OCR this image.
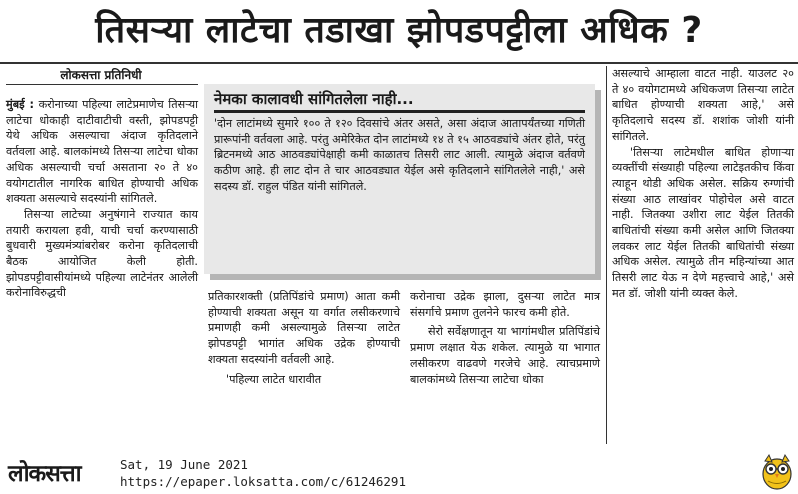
तिसऱ्या लाटेचा तडाखा झोपडपट्टीला अधिक ?
लोकसत्ता प्रतिनिधी

मुंबई : करोनाच्या पहिल्या लाटेप्रमाणेच तिसऱ्या लाटेचा धोकाही दाटीवाटीची वस्ती, झोपडपट्टी येथे अधिक असल्याचा अंदाज कृतिदलाने वर्तवला आहे. बालकांमध्ये तिसऱ्या लाटेचा धोका अधिक असल्याची चर्चा असताना २० ते ४० वयोगटातील नागरिक बाधित होण्याची अधिक शक्यता असल्याचे सदस्यांनी सांगितले.

तिसऱ्या लाटेच्या अनुषंगाने राज्यात काय तयारी करायला हवी, याची चर्चा करण्यासाठी बुधवारी मुख्यमंत्र्यांबरोबर करोना कृतिदलाची बैठक आयोजित केली होती. झोपडपट्टीवासीयांमध्ये पहिल्या लाटेनंतर आलेली करोनाविरुद्धची

नेमका कालावधी सांगितलेला नाही...
'दोन लाटांमध्ये सुमारे १०० ते १२० दिवसांचे अंतर असते, असा अंदाज आतापर्यंतच्या गणिती प्रारूपांनी वर्तवला आहे. परंतु अमेरिकेत दोन लाटांमध्ये १४ ते १५ आठवड्यांचे अंतर होते, परंतु ब्रिटनमध्ये आठ आठवड्यांपेक्षाही कमी काळातच तिसरी लाट आली. त्यामुळे अंदाज वर्तवणे कठीण आहे. ही लाट दोन ते चार आठवड्यात येईल असे कृतिदलाने सांगितलेले नाही,' असे सदस्य डॉ. राहुल पंडित यांनी सांगितले.

प्रतिकारशक्ती (प्रतिपिंडांचे प्रमाण) आता कमी होण्याची शक्यता असून या वर्गात लसीकरणाचे प्रमाणही कमी असल्यामुळे तिसऱ्या लाटेत झोपडपट्टी भागांत अधिक उद्रेक होण्याची शक्यता सदस्यांनी वर्तवली आहे.

'पहिल्या लाटेत धारावीत

करोनाचा उद्रेक झाला, दुसऱ्या लाटेत मात्र संसर्गाचे प्रमाण तुलनेने फारच कमी होते.

सेरो सर्वेक्षणातून या भागांमधील प्रतिपिंडांचे प्रमाण लक्षात येऊ शकेल. त्यामुळे या भागात लसीकरण वाढवणे गरजेचे आहे. त्याचप्रमाणे बालकांमध्ये तिसऱ्या लाटेचा धोका

असल्याचे आम्हाला वाटत नाही. याउलट २० ते ४० वयोगटामध्ये अधिकजण तिसऱ्या लाटेत बाधित होण्याची शक्यता आहे,' असे कृतिदलाचे सदस्य डॉ. शशांक जोशी यांनी सांगितले.

'तिसऱ्या लाटेमधील बाधित होणाऱ्या व्यक्तींची संख्याही पहिल्या लाटेइतकीच किंवा त्याहून थोडी अधिक असेल. सक्रिय रुग्णांची संख्या आठ लाखांवर पोहोचेल असे वाटत नाही. जितक्या उशीरा लाट येईल तितकी बाधितांची संख्या कमी असेल आणि जितक्या लवकर लाट येईल तितकी बाधितांची संख्या अधिक असेल. त्यामुळे तीन महिन्यांच्या आत तिसरी लाट येऊ न देणे महत्त्वाचे आहे,' असे मत डॉ. जोशी यांनी व्यक्त केले.

लोकसत्ता	Sat, 19 June 2021
https://epaper.loksatta.com/c/61246291
